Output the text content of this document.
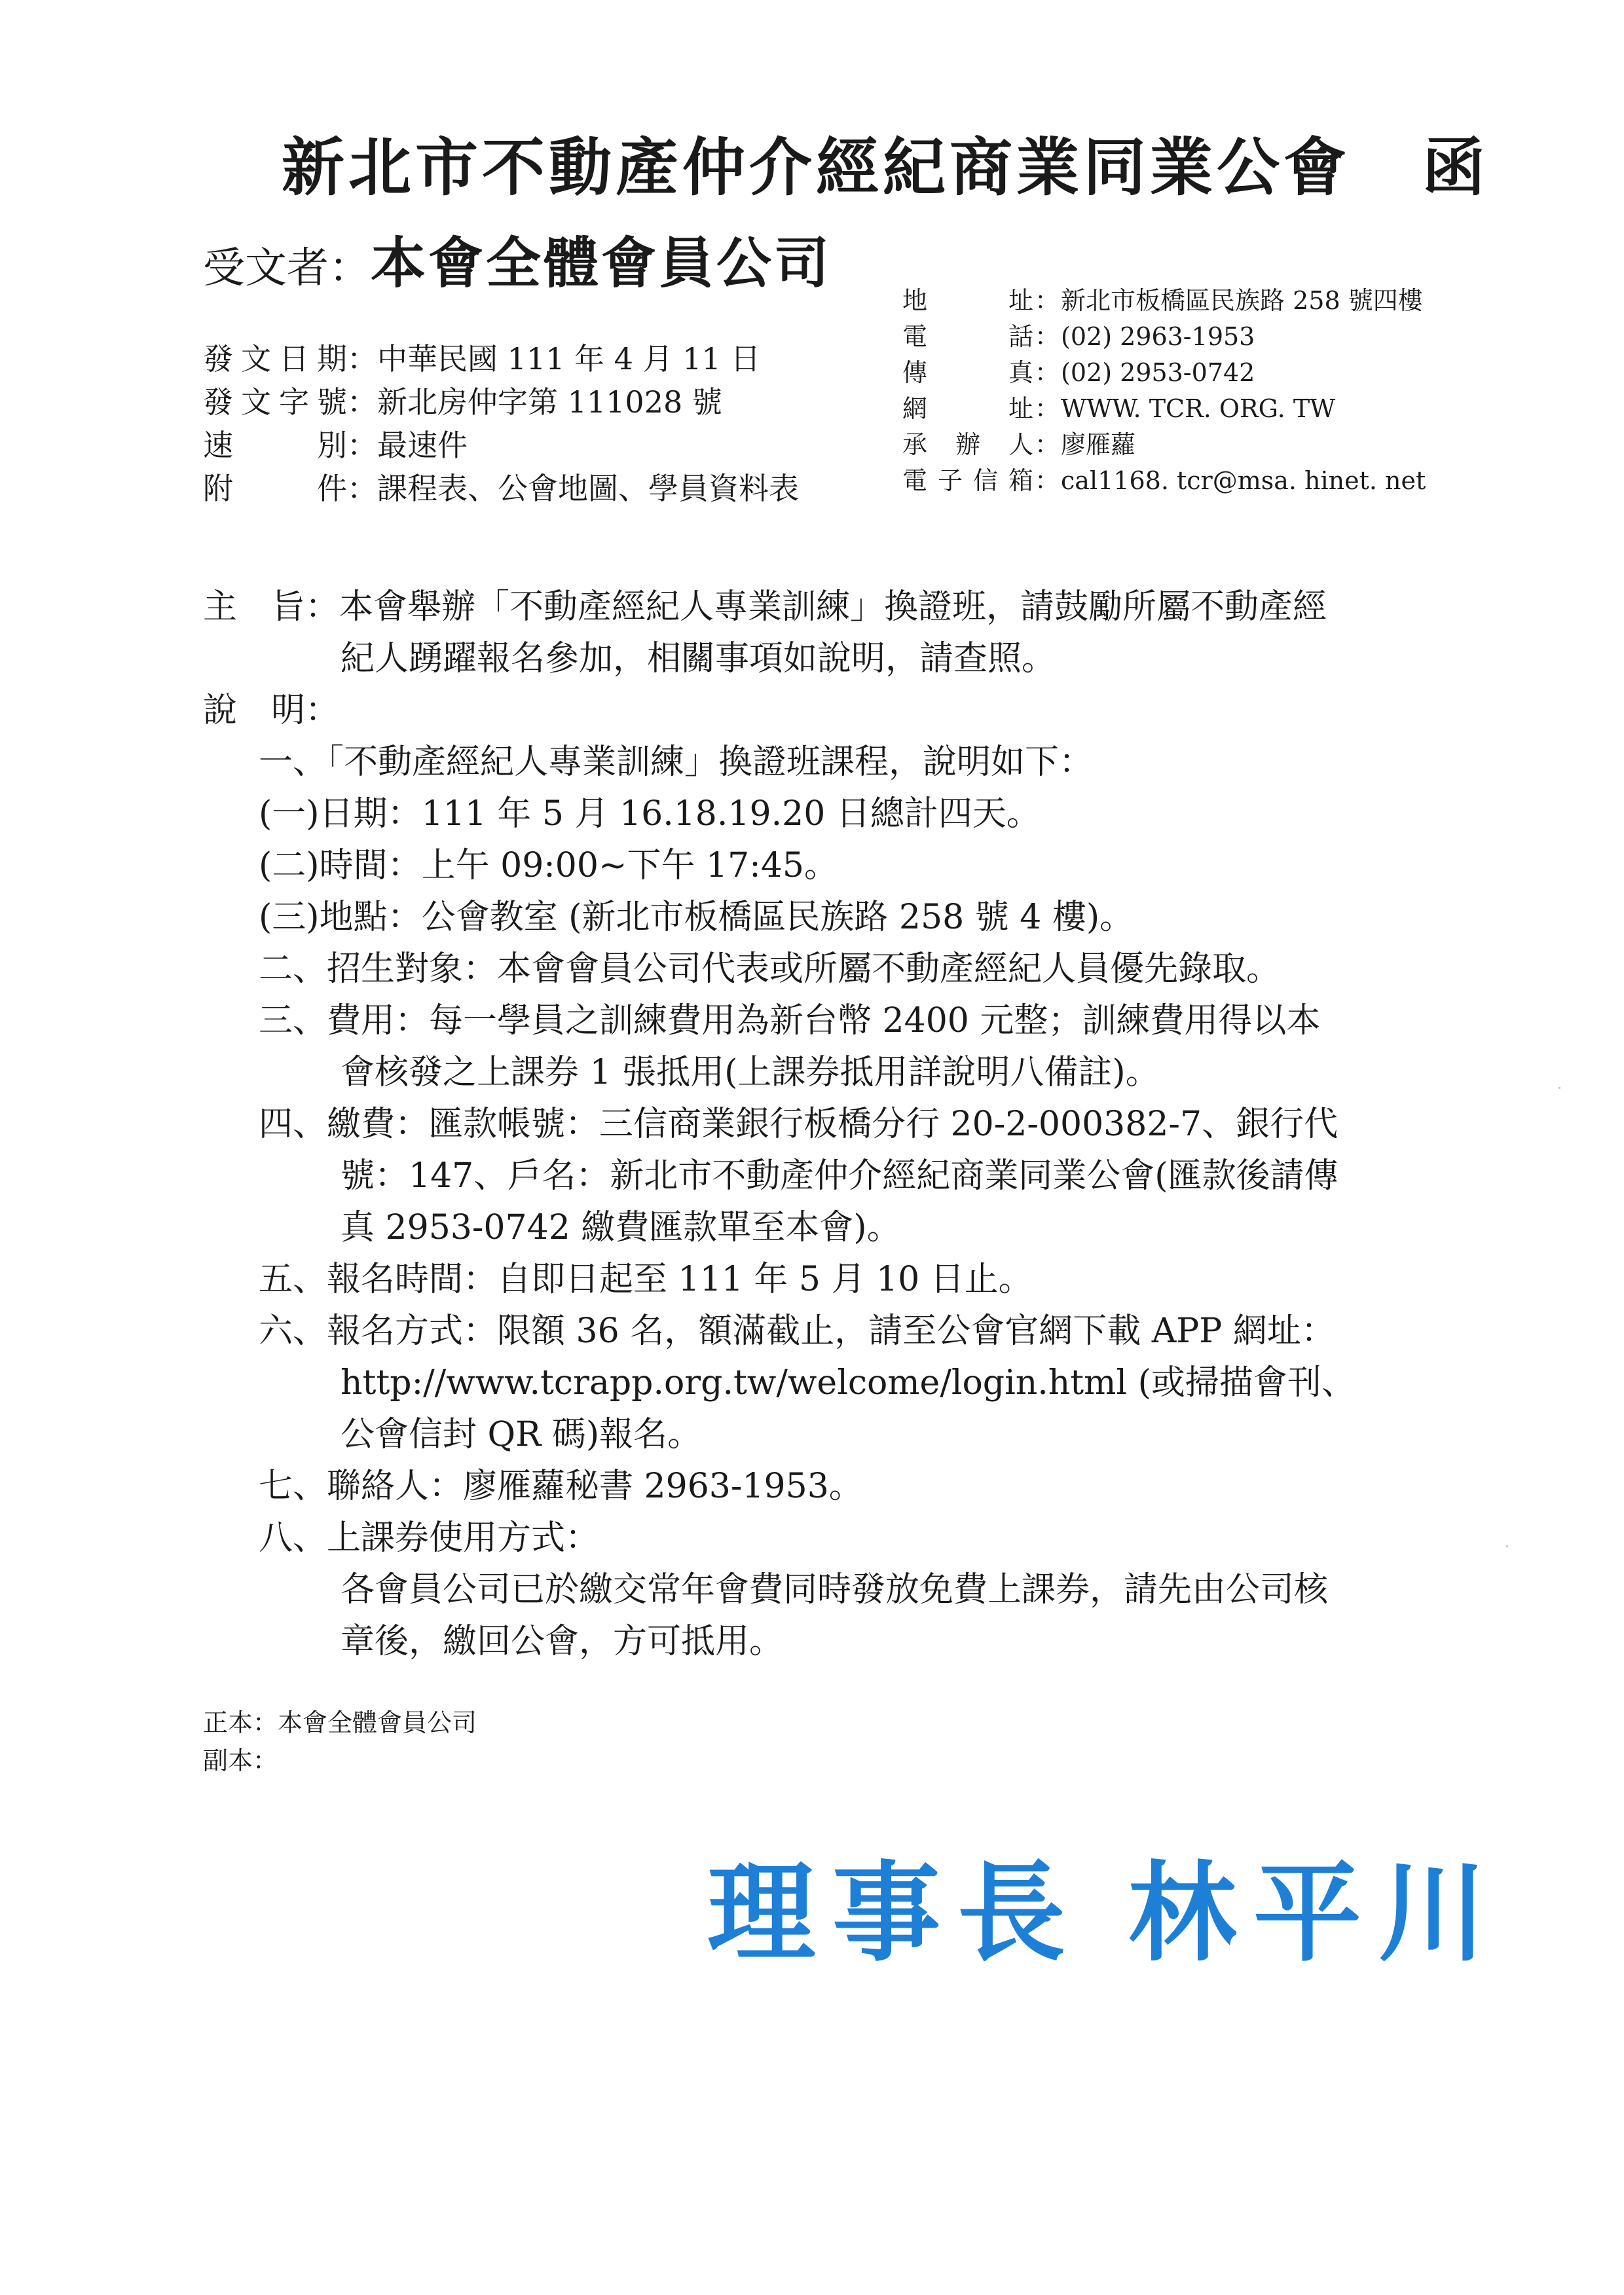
新北市不動產仲介經紀商業同業公會 函
受文者：本會全體會員公司
地址 ： 新北市板橋區民族路 258 號四樓
電話 ： (02) 2963-1953
傳真 ： (02) 2953-0742
網址 ： WWW. TCR. ORG. TW
承辦人 ： 廖雁蘿
電子信箱 ： cal1168. tcr@msa. hinet. net
發文日期 ： 中華民國 111 年 4 月 11 日
發文字號 ： 新北房仲字第 111028 號
速別 ： 最速件
附件 ： 課程表、公會地圖、學員資料表
主　旨：本會舉辦「不動產經紀人專業訓練」換證班，請鼓勵所屬不動產經
紀人踴躍報名參加，相關事項如說明，請查照。
說　明：
一、「不動產經紀人專業訓練」換證班課程，說明如下：
(一)日期：111 年 5 月 16.18.19.20 日總計四天。
(二)時間：上午 09:00~下午 17:45。
(三)地點：公會教室 (新北市板橋區民族路 258 號 4 樓)。
二、招生對象：本會會員公司代表或所屬不動產經紀人員優先錄取。
三、費用：每一學員之訓練費用為新台幣 2400 元整；訓練費用得以本
會核發之上課券 1 張抵用(上課券抵用詳說明八備註)。
四、繳費：匯款帳號：三信商業銀行板橋分行 20-2-000382-7、銀行代
號：147、戶名：新北市不動產仲介經紀商業同業公會(匯款後請傳
真 2953-0742 繳費匯款單至本會)。
五、報名時間：自即日起至 111 年 5 月 10 日止。
六、報名方式：限額 36 名，額滿截止，請至公會官網下載 APP 網址：
http://www.tcrapp.org.tw/welcome/login.html (或掃描會刊、
公會信封 QR 碼)報名。
七、聯絡人：廖雁蘿秘書 2963-1953。
八、上課券使用方式：
各會員公司已於繳交常年會費同時發放免費上課券，請先由公司核
章後，繳回公會，方可抵用。
正本：本會全體會員公司
副本：
理事長 林平川
